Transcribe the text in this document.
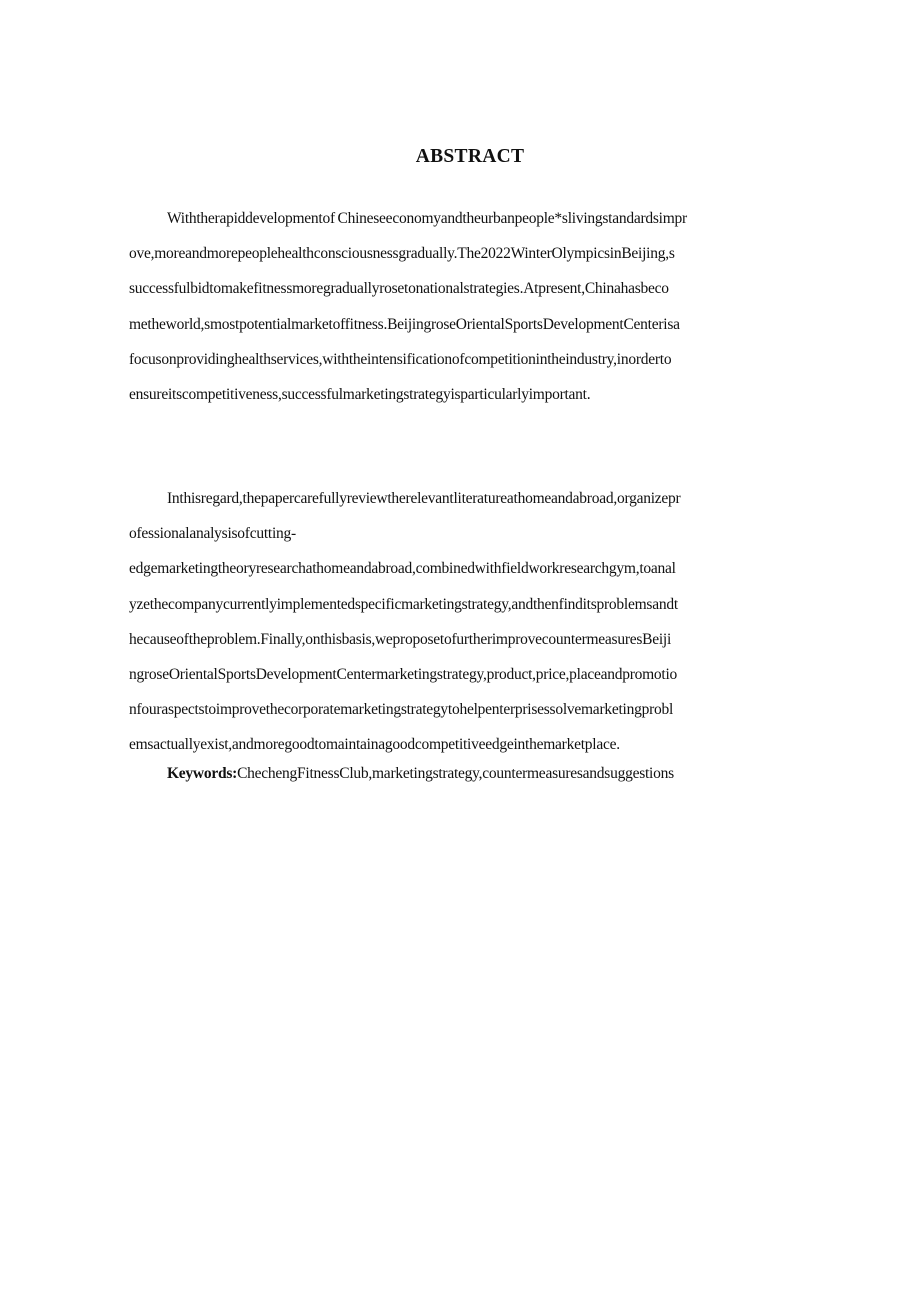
ABSTRACT
Withtherapiddevelopmentof Chineseeconomyandtheurbanpeople*slivingstandardsimpr
ove,moreandmorepeoplehealthconsciousnessgradually.The2022WinterOlympicsinBeijing,s
successfulbidtomakefitnessmoregraduallyrosetonationalstrategies.Atpresent,Chinahasbeco
metheworld,smostpotentialmarketoffitness.BeijingroseOrientalSportsDevelopmentCenterisa
focusonprovidinghealthservices,withtheintensificationofcompetitionintheindustry,inorderto
ensureitscompetitiveness,successfulmarketingstrategyisparticularlyimportant.
Inthisregard,thepapercarefullyreviewtherelevantliteratureathomeandabroad,organizepr
ofessionalanalysisofcutting-
edgemarketingtheoryresearchathomeandabroad,combinedwithfieldworkresearchgym,toanal
yzethecompanycurrentlyimplementedspecificmarketingstrategy,andthenfinditsproblemsandt
hecauseoftheproblem.Finally,onthisbasis,weproposetofurtherimprovecountermeasuresBeiji
ngroseOrientalSportsDevelopmentCentermarketingstrategy,product,price,placeandpromotio
nfouraspectstoimprovethecorporatemarketingstrategytohelpenterprisessolvemarketingprobl
emsactuallyexist,andmoregoodtomaintainagoodcompetitiveedgeinthemarketplace.
Keywords:ChechengFitnessClub,marketingstrategy,countermeasuresandsuggestions
